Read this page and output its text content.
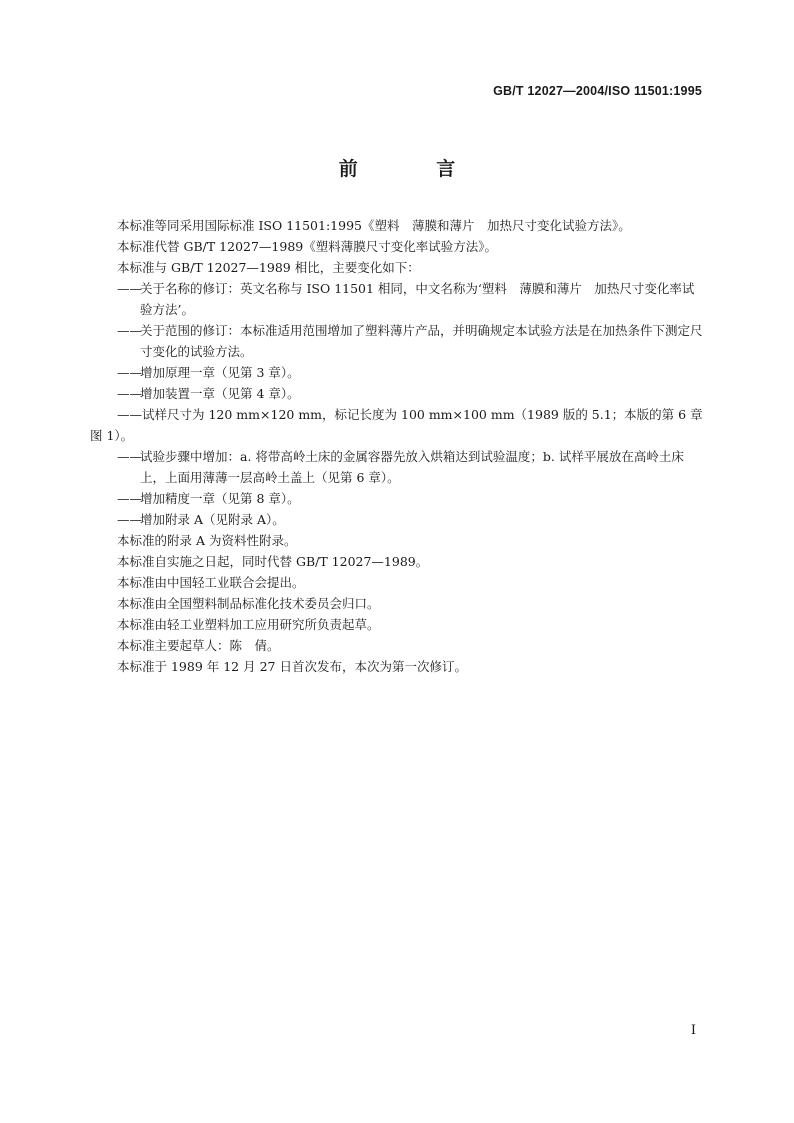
GB/T 12027—2004/ISO 11501:1995
前 言
本标准等同采用国际标准 ISO 11501:1995《塑料　薄膜和薄片　加热尺寸变化试验方法》。
本标准代替 GB/T 12027—1989《塑料薄膜尺寸变化率试验方法》。
本标准与 GB/T 12027—1989 相比，主要变化如下：
——
关于名称的修订：英文名称与 ISO 11501 相同，中文名称为‘塑料　薄膜和薄片　加热尺寸变化率试验方法’。
——
关于范围的修订：本标准适用范围增加了塑料薄片产品，并明确规定本试验方法是在加热条件下测定尺寸变化的试验方法。
——
增加原理一章（见第 3 章）。
——
增加装置一章（见第 4 章）。
——试样尺寸为 120 mm×120 mm，标记长度为 100 mm×100 mm（1989 版的 5.1；本版的第 6 章图 1）。
——
试验步骤中增加：a. 将带高岭土床的金属容器先放入烘箱达到试验温度；b. 试样平展放在高岭土床上，上面用薄薄一层高岭土盖上（见第 6 章）。
——
增加精度一章（见第 8 章）。
——
增加附录 A（见附录 A）。
本标准的附录 A 为资料性附录。
本标准自实施之日起，同时代替 GB/T 12027—1989。
本标准由中国轻工业联合会提出。
本标准由全国塑料制品标准化技术委员会归口。
本标准由轻工业塑料加工应用研究所负责起草。
本标准主要起草人：陈　倩。
本标准于 1989 年 12 月 27 日首次发布，本次为第一次修订。
I
